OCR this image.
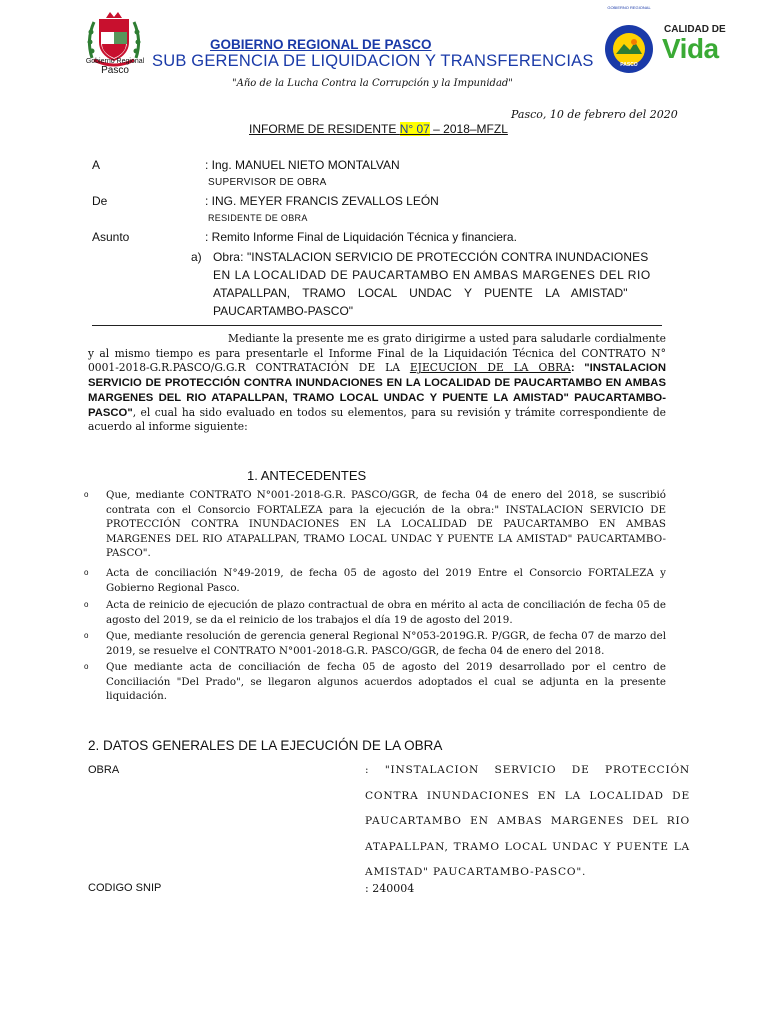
Gobierno Regional
Pasco
GOBIERNO REGIONAL DE PASCO
SUB GERENCIA DE LIQUIDACION Y TRANSFERENCIAS
"Año de la Lucha Contra la Corrupción y la Impunidad"
GOBIERNO REGIONAL
PASCO
CALIDAD DE
Vida
Pasco, 10 de febrero del 2020
INFORME DE RESIDENTE N° 07 – 2018–MFZL
A	: Ing. MANUEL NIETO MONTALVAN
SUPERVISOR DE OBRA
De	: ING. MEYER FRANCIS ZEVALLOS LEÓN
RESIDENTE DE OBRA
Asunto	: Remito Informe Final de Liquidación Técnica y financiera.
a) Obra: "INSTALACION SERVICIO DE PROTECCIÓN CONTRA INUNDACIONES
EN LA LOCALIDAD DE PAUCARTAMBO EN AMBAS MARGENES DEL RIO
ATAPALLPAN, TRAMO LOCAL UNDAC Y PUENTE LA AMISTAD"
PAUCARTAMBO-PASCO"
Mediante la presente me es grato dirigirme a usted para saludarle cordialmente y al mismo tiempo es para presentarle el Informe Final de la Liquidación Técnica del CONTRATO N° 0001-2018-G.R.PASCO/G.G.R CONTRATACIÓN DE LA EJECUCION DE LA OBRA: "INSTALACION SERVICIO DE PROTECCIÓN CONTRA INUNDACIONES EN LA LOCALIDAD DE PAUCARTAMBO EN AMBAS MARGENES DEL RIO ATAPALLPAN, TRAMO LOCAL UNDAC Y PUENTE LA AMISTAD" PAUCARTAMBO-PASCO", el cual ha sido evaluado en todos su elementos, para su revisión y trámite correspondiente de acuerdo al informe siguiente:
1. ANTECEDENTES
o	Que, mediante CONTRATO N°001-2018-G.R. PASCO/GGR, de fecha 04 de enero del 2018, se suscribió contrata con el Consorcio FORTALEZA para la ejecución de la obra:" INSTALACION SERVICIO DE PROTECCIÓN CONTRA INUNDACIONES EN LA LOCALIDAD DE PAUCARTAMBO EN AMBAS MARGENES DEL RIO ATAPALLPAN, TRAMO LOCAL UNDAC Y PUENTE LA AMISTAD" PAUCARTAMBO-PASCO".
o	Acta de conciliación N°49-2019, de fecha 05 de agosto del 2019 Entre el Consorcio FORTALEZA y Gobierno Regional Pasco.
o	Acta de reinicio de ejecución de plazo contractual de obra en mérito al acta de conciliación de fecha 05 de agosto del 2019, se da el reinicio de los trabajos el día 19 de agosto del 2019.
o	Que, mediante resolución de gerencia general Regional N°053-2019G.R. P/GGR, de fecha 07 de marzo del 2019, se resuelve el CONTRATO N°001-2018-G.R. PASCO/GGR, de fecha 04 de enero del 2018.
o	Que mediante acta de conciliación de fecha 05 de agosto del 2019 desarrollado por el centro de Conciliación "Del Prado", se llegaron algunos acuerdos adoptados el cual se adjunta en la presente liquidación.
2. DATOS GENERALES DE LA EJECUCIÓN DE LA OBRA
OBRA	: "INSTALACION SERVICIO DE PROTECCIÓN CONTRA INUNDACIONES EN LA LOCALIDAD DE PAUCARTAMBO EN AMBAS MARGENES DEL RIO ATAPALLPAN, TRAMO LOCAL UNDAC Y PUENTE LA AMISTAD" PAUCARTAMBO-PASCO".
CODIGO SNIP	: 240004
